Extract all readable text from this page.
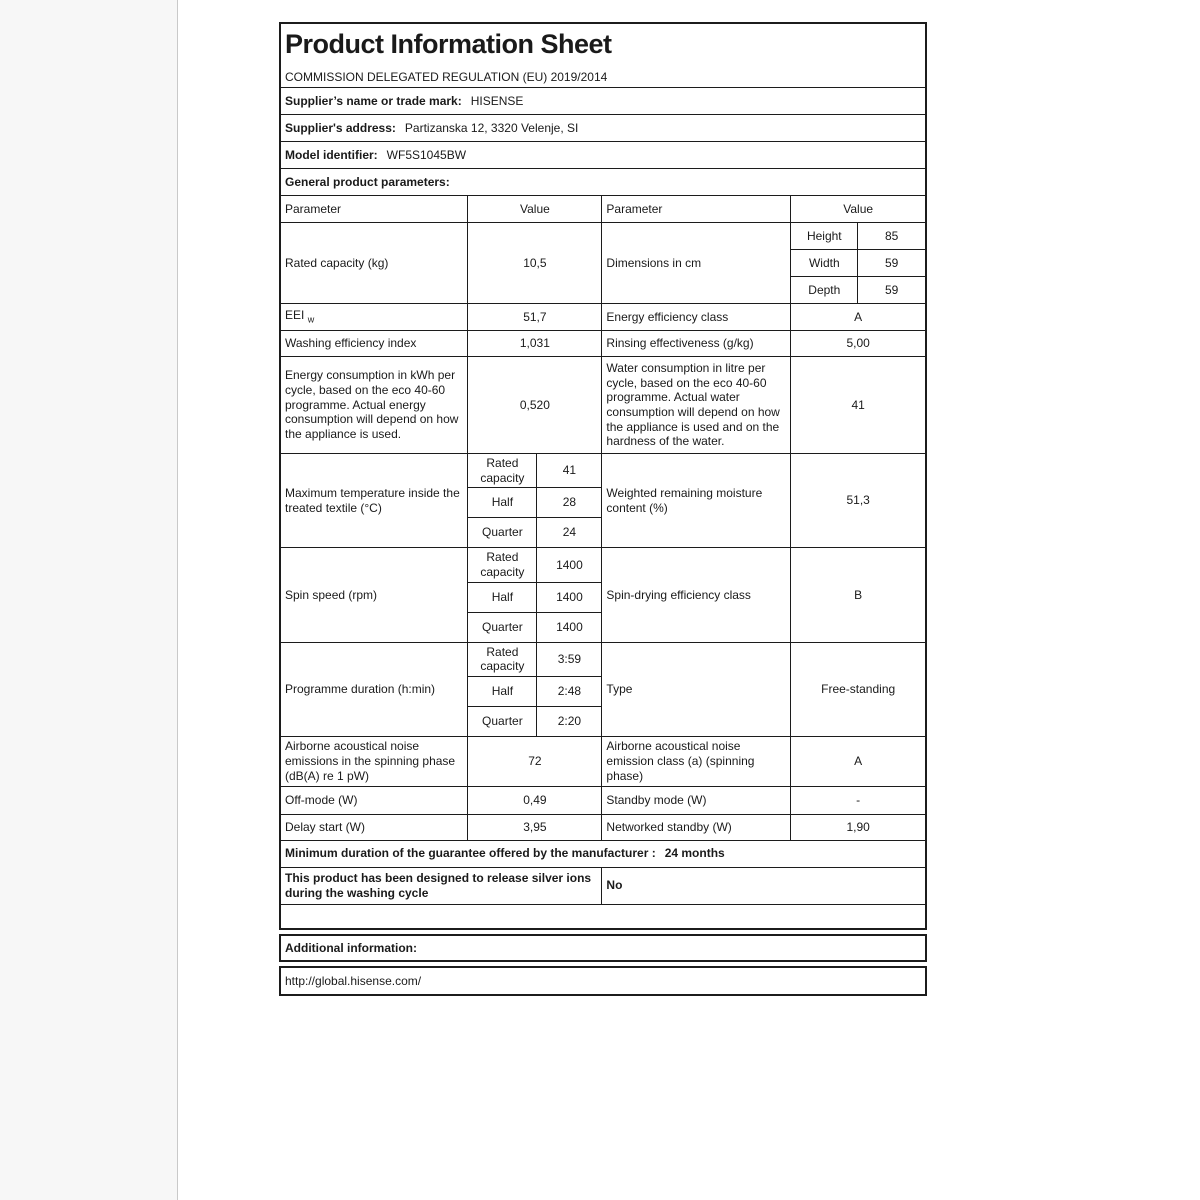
Product Information Sheet
COMMISSION DELEGATED REGULATION (EU) 2019/2014					

Supplier’s name or trade mark: HISENSE					
Supplier's address: Partizanska 12, 3320 Velenje, SI					
Model identifier: WF5S1045BW					
General product parameters:					
Parameter	Value		Parameter	Value	
Rated capacity (kg)	10,5		Dimensions in cm	Height	85
				Width	59
				Depth	59
EEI $_w$	51,7		Energy efficiency class	A	
Washing efficiency index	1,031		Rinsing effectiveness (g/kg)	5,00	
Energy consumption in kWh per cycle, based on the eco 40-60 programme. Actual energy consumption will depend on how the appliance is used.	0,520		Water consumption in litre per cycle, based on the eco 40-60 programme. Actual water consumption will depend on how the appliance is used and on the hardness of the water.	41	
Maximum temperature inside the treated textile (°C)	Rated capacity	41	Weighted remaining moisture content (%)	51,3	
	Half	28			
	Quarter	24			
Spin speed (rpm)	Rated capacity	1400	Spin-drying efficiency class	B	
	Half	1400			
	Quarter	1400			
Programme duration (h:min)	Rated capacity	3:59	Type	Free-standing	
	Half	2:48			
	Quarter	2:20			
Airborne acoustical noise emissions in the spinning phase (dB(A) re 1 pW)	72		Airborne acoustical noise emission class (a) (spinning phase)	A	
Off-mode (W)	0,49		Standby mode (W)	-	
Delay start (W)	3,95		Networked standby (W)	1,90	
Minimum duration of the guarantee offered by the manufacturer : 24 months					
This product has been designed to release silver ions during the washing cycle			No		

Additional information:
http://global.hisense.com/
